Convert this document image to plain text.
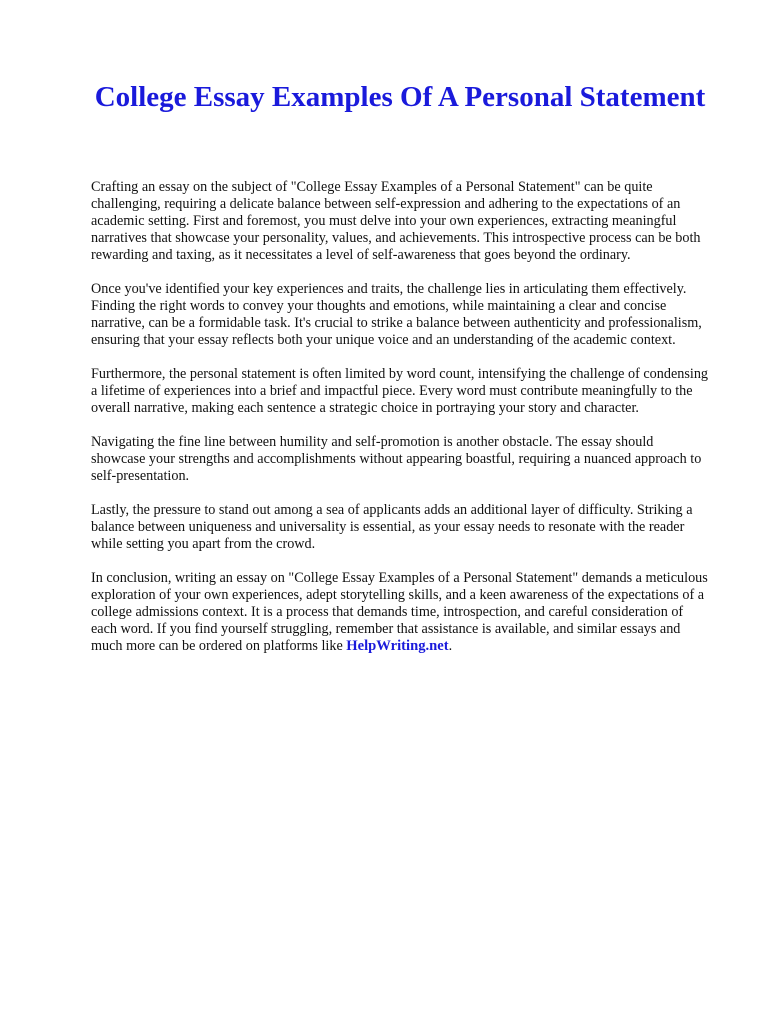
College Essay Examples Of A Personal Statement

Crafting an essay on the subject of "College Essay Examples of a Personal Statement" can be quite challenging, requiring a delicate balance between self-expression and adhering to the expectations of an academic setting. First and foremost, you must delve into your own experiences, extracting meaningful narratives that showcase your personality, values, and achievements. This introspective process can be both rewarding and taxing, as it necessitates a level of self-awareness that goes beyond the ordinary.

Once you've identified your key experiences and traits, the challenge lies in articulating them effectively. Finding the right words to convey your thoughts and emotions, while maintaining a clear and concise narrative, can be a formidable task. It's crucial to strike a balance between authenticity and professionalism, ensuring that your essay reflects both your unique voice and an understanding of the academic context.

Furthermore, the personal statement is often limited by word count, intensifying the challenge of condensing a lifetime of experiences into a brief and impactful piece. Every word must contribute meaningfully to the overall narrative, making each sentence a strategic choice in portraying your story and character.

Navigating the fine line between humility and self-promotion is another obstacle. The essay should showcase your strengths and accomplishments without appearing boastful, requiring a nuanced approach to self-presentation.

Lastly, the pressure to stand out among a sea of applicants adds an additional layer of difficulty. Striking a balance between uniqueness and universality is essential, as your essay needs to resonate with the reader while setting you apart from the crowd.

In conclusion, writing an essay on "College Essay Examples of a Personal Statement" demands a meticulous exploration of your own experiences, adept storytelling skills, and a keen awareness of the expectations of a college admissions context. It is a process that demands time, introspection, and careful consideration of each word. If you find yourself struggling, remember that assistance is available, and similar essays and much more can be ordered on platforms like HelpWriting.net.
